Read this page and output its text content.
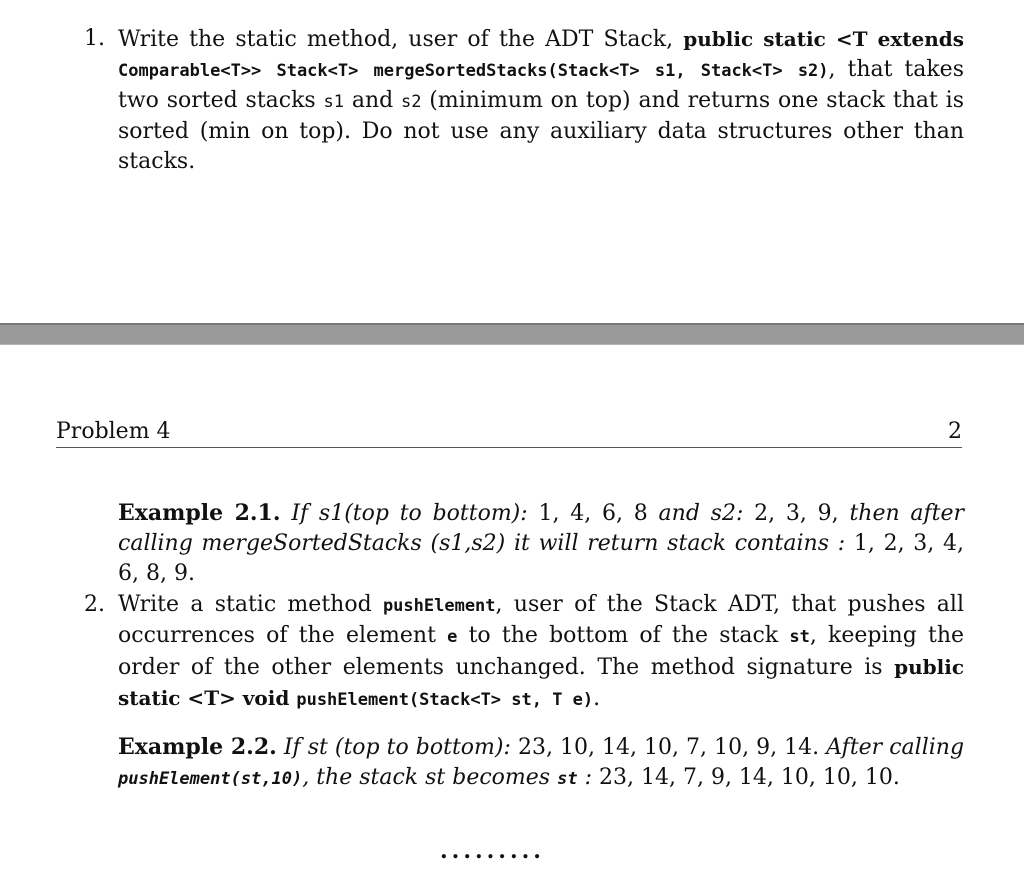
1. Write the static method, user of the ADT Stack, public static <T extends Comparable<T>> Stack<T> mergeSortedStacks(Stack<T> s1, Stack<T> s2), that takes two sorted stacks s1 and s2 (minimum on top) and returns one stack that is sorted (min on top). Do not use any auxiliary data structures other than stacks.
Problem 4	2
Example 2.1. If s1(top to bottom): 1, 4, 6, 8 and s2: 2, 3, 9, then after calling mergeSortedStacks (s1,s2) it will return stack contains : 1, 2, 3, 4, 6, 8, 9.
2. Write a static method pushElement, user of the Stack ADT, that pushes all occurrences of the element e to the bottom of the stack st, keeping the order of the other elements unchanged. The method signature is public static <T> void pushElement(Stack<T> st, T e).
Example 2.2. If st (top to bottom): 23, 10, 14, 10, 7, 10, 9, 14. After calling pushElement(st,10), the stack st becomes st : 23, 14, 7, 9, 14, 10, 10, 10.
.........
